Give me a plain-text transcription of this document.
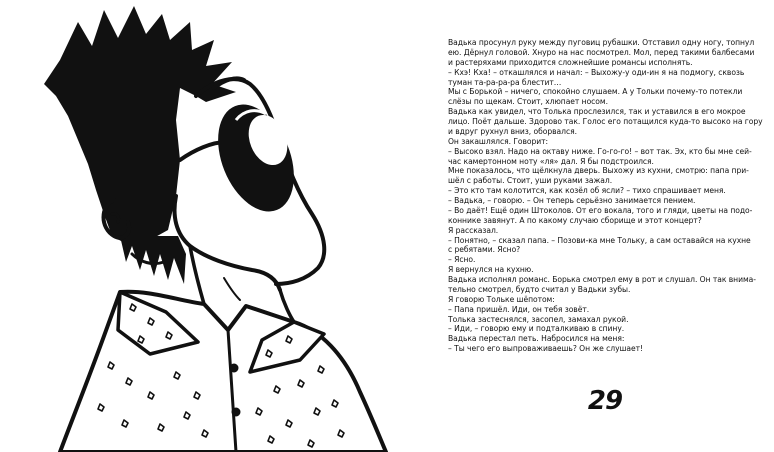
Вадька просунул руку между пуговиц рубашки. Отставил одну ногу, топнул
ею. Дёрнул головой. Хнуро на нас посмотрел. Мол, перед такими балбесами
и растеряхами приходится сложнейшие романсы исполнять.
– Кхэ! Кха! – откашлялся и начал: – Выхожу-у оди-ин я на подмогу, сквозь
туман та-ра-ра-ра блестит…
Мы с Борькой – ничего, спокойно слушаем. А у Тольки почему-то потекли
слёзы по щекам. Стоит, хлюпает носом.
Вадька как увидел, что Толька прослезился, так и уставился в его мокрое
лицо. Поёт дальше. Здорово так. Голос его потащился куда-то высоко на гору
и вдруг рухнул вниз, оборвался.
Он закашлялся. Говорит:
– Высоко взял. Надо на октаву ниже. Го-го-го! – вот так. Эх, кто бы мне сей-
час камертонном ноту «ля» дал. Я бы подстроился.
Мне показалось, что щёлкнула дверь. Выхожу из кухни, смотрю: папа при-
шёл с работы. Стоит, уши руками зажал.
– Это кто там колотится, как козёл об ясли? – тихо спрашивает меня.
– Вадька, – говорю. – Он теперь серьёзно занимается пением.
– Во даёт! Ещё один Штоколов. От его вокала, того и гляди, цветы на подо-
коннике завянут. А по какому случаю сборище и этот концерт?
Я рассказал.
– Понятно, – сказал папа. – Позови-ка мне Тольку, а сам оставайся на кухне
с ребятами. Ясно?
– Ясно.
Я вернулся на кухню.
Вадька исполнял романс. Борька смотрел ему в рот и слушал. Он так внима-
тельно смотрел, будто считал у Вадьки зубы.
Я говорю Тольке шёпотом:
– Папа пришёл. Иди, он тебя зовёт.
Толька застеснялся, засопел, замахал рукой.
– Иди, – говорю ему и подталкиваю в спину.
Вадька перестал петь. Набросился на меня:
– Ты чего его выпроваживаешь? Он же слушает!
29
